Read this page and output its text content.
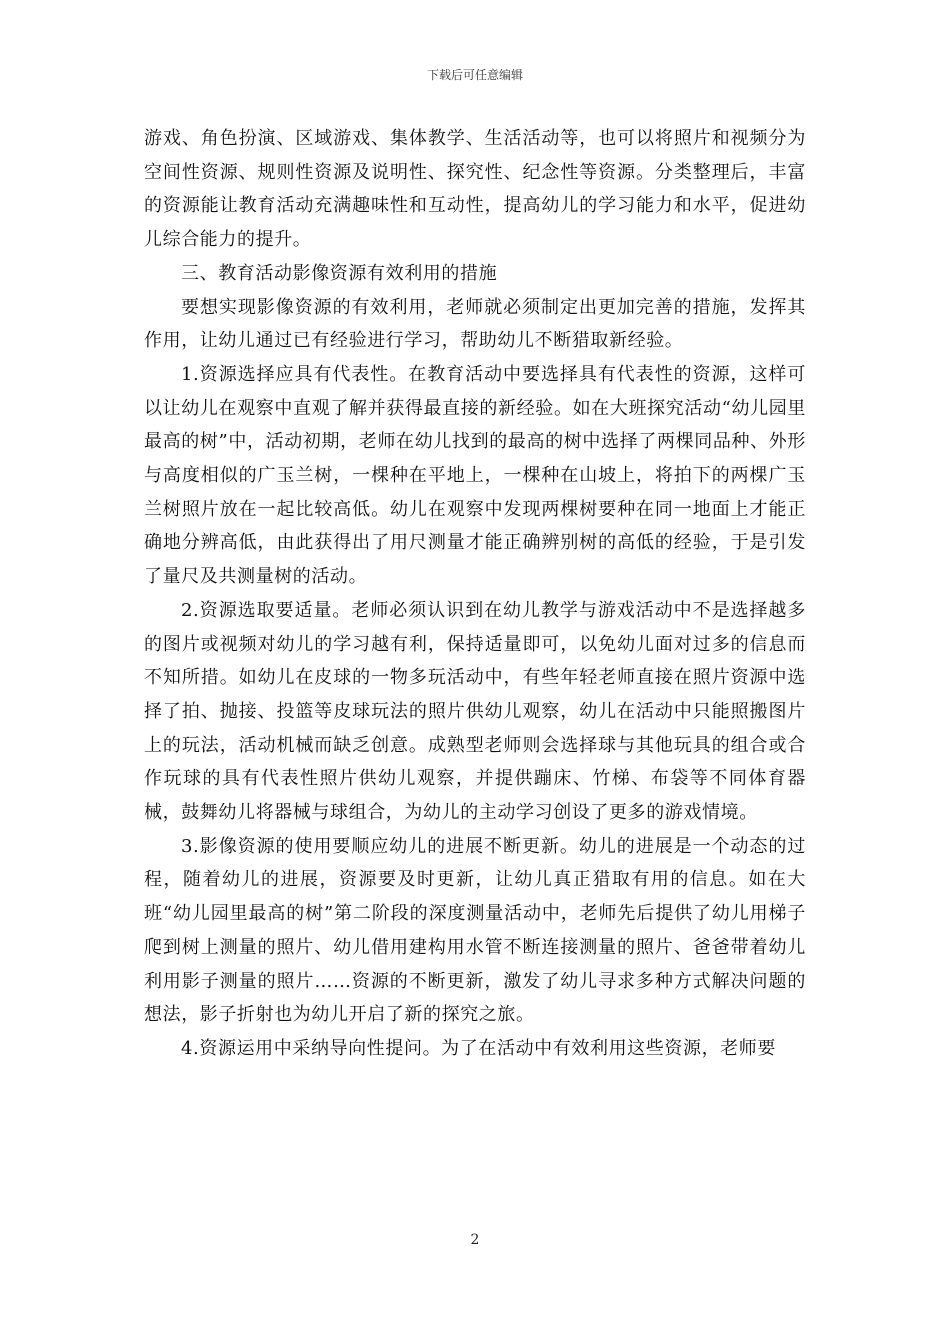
下载后可任意编辑

游戏、角色扮演、区域游戏、集体教学、生活活动等，也可以将照片和视频分为空间性资源、规则性资源及说明性、探究性、纪念性等资源。分类整理后，丰富的资源能让教育活动充满趣味性和互动性，提高幼儿的学习能力和水平，促进幼儿综合能力的提升。

三、教育活动影像资源有效利用的措施

要想实现影像资源的有效利用，老师就必须制定出更加完善的措施，发挥其作用，让幼儿通过已有经验进行学习，帮助幼儿不断猎取新经验。

1.资源选择应具有代表性。在教育活动中要选择具有代表性的资源，这样可以让幼儿在观察中直观了解并获得最直接的新经验。如在大班探究活动“幼儿园里最高的树”中，活动初期，老师在幼儿找到的最高的树中选择了两棵同品种、外形与高度相似的广玉兰树，一棵种在平地上，一棵种在山坡上，将拍下的两棵广玉兰树照片放在一起比较高低。幼儿在观察中发现两棵树要种在同一地面上才能正确地分辨高低，由此获得出了用尺测量才能正确辨别树的高低的经验，于是引发了量尺及共测量树的活动。

2.资源选取要适量。老师必须认识到在幼儿教学与游戏活动中不是选择越多的图片或视频对幼儿的学习越有利，保持适量即可，以免幼儿面对过多的信息而不知所措。如幼儿在皮球的一物多玩活动中，有些年轻老师直接在照片资源中选择了拍、抛接、投篮等皮球玩法的照片供幼儿观察，幼儿在活动中只能照搬图片上的玩法，活动机械而缺乏创意。成熟型老师则会选择球与其他玩具的组合或合作玩球的具有代表性照片供幼儿观察，并提供蹦床、竹梯、布袋等不同体育器械，鼓舞幼儿将器械与球组合，为幼儿的主动学习创设了更多的游戏情境。

3.影像资源的使用要顺应幼儿的进展不断更新。幼儿的进展是一个动态的过程，随着幼儿的进展，资源要及时更新，让幼儿真正猎取有用的信息。如在大班“幼儿园里最高的树”第二阶段的深度测量活动中，老师先后提供了幼儿用梯子爬到树上测量的照片、幼儿借用建构用水管不断连接测量的照片、爸爸带着幼儿利用影子测量的照片……资源的不断更新，激发了幼儿寻求多种方式解决问题的想法，影子折射也为幼儿开启了新的探究之旅。

4.资源运用中采纳导向性提问。为了在活动中有效利用这些资源，老师要

2
